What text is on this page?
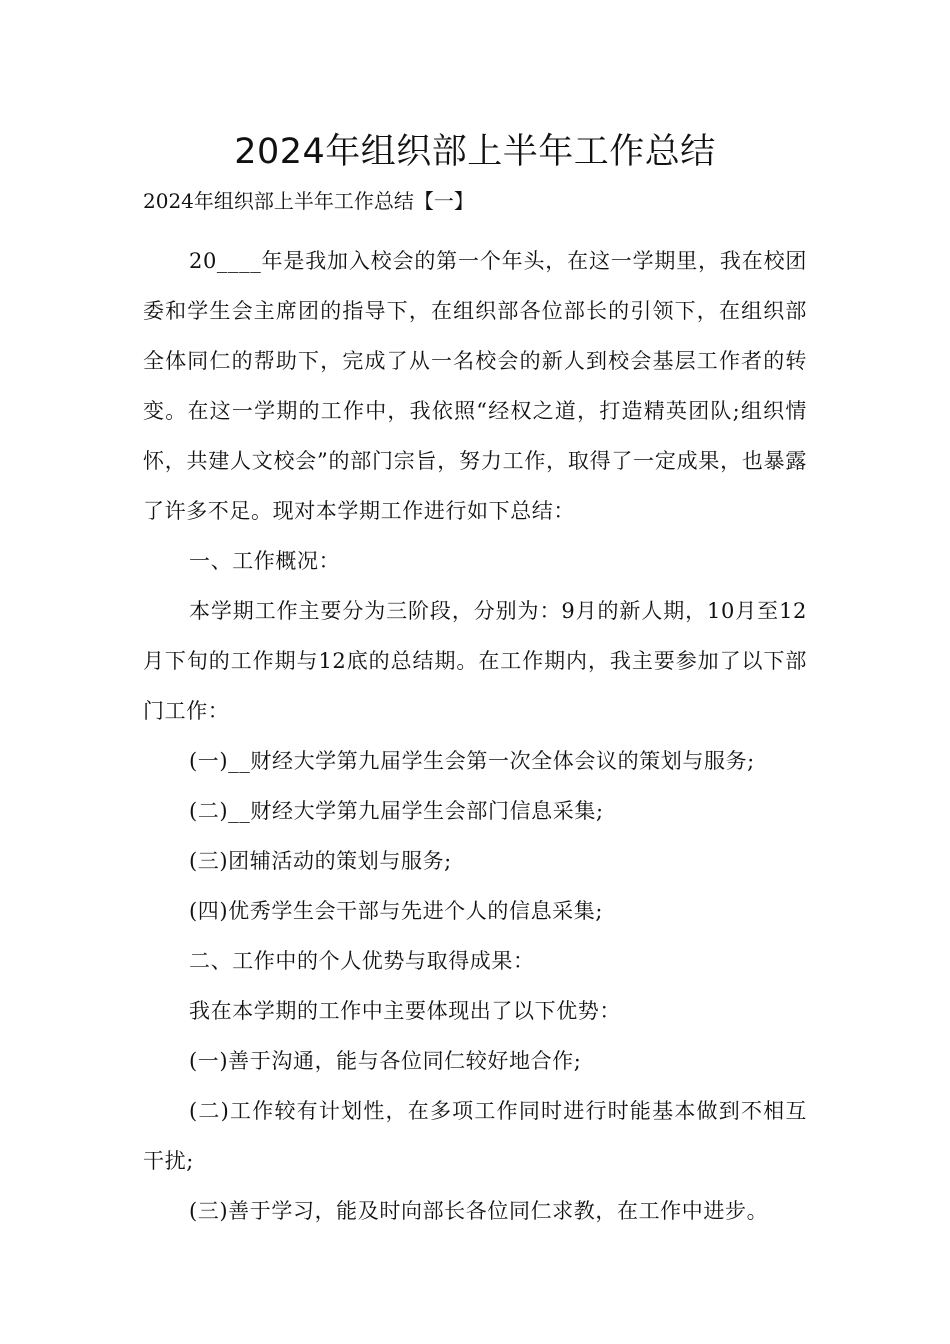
2024年组织部上半年工作总结

2024年组织部上半年工作总结【一】

20____年是我加入校会的第一个年头，在这一学期里，我在校团委和学生会主席团的指导下，在组织部各位部长的引领下，在组织部全体同仁的帮助下，完成了从一名校会的新人到校会基层工作者的转变。在这一学期的工作中，我依照“经权之道，打造精英团队;组织情怀，共建人文校会”的部门宗旨，努力工作，取得了一定成果，也暴露了许多不足。现对本学期工作进行如下总结：

一、工作概况：

本学期工作主要分为三阶段，分别为：9月的新人期，10月至12月下旬的工作期与12底的总结期。在工作期内，我主要参加了以下部门工作：

(一)__财经大学第九届学生会第一次全体会议的策划与服务;

(二)__财经大学第九届学生会部门信息采集;

(三)团辅活动的策划与服务;

(四)优秀学生会干部与先进个人的信息采集;

二、工作中的个人优势与取得成果：

我在本学期的工作中主要体现出了以下优势：

(一)善于沟通，能与各位同仁较好地合作;

(二)工作较有计划性，在多项工作同时进行时能基本做到不相互干扰;

(三)善于学习，能及时向部长各位同仁求教，在工作中进步。
